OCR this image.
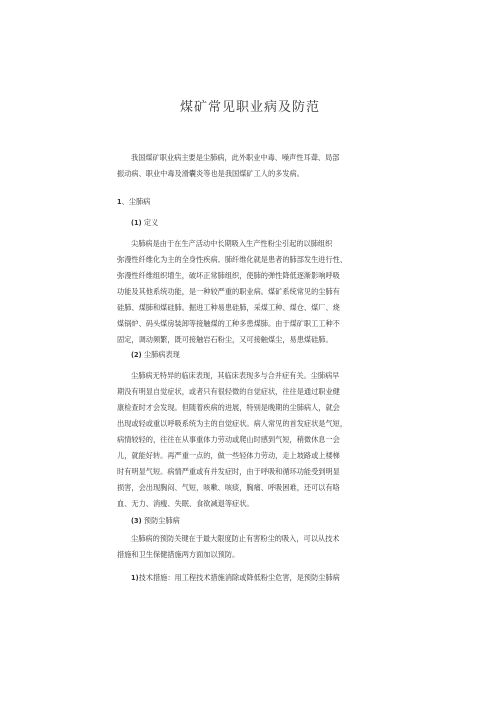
煤矿常见职业病及防范
我国煤矿职业病主要是尘肺病，此外职业中毒、噪声性耳聋、局部
振动病、职业中毒及滑囊炎等也是我国煤矿工人的多发病。
1、尘肺病
(1) 定义
尖肺病是由于在生产活动中长期吸入生产性粉尘引起的以肺组织
弥漫性纤维化为主的全身性疾病。肺纤维化就是患者的肺部发生进行性、
弥漫性纤维组织增生，破坏正常肺组织，使肺的弹性降低逐渐影响呼吸
功能及其他系统功能，是一种较严重的职业病。煤矿系统常见的尘肺有
硅肺、煤肺和煤硅肺。掘进工种易患硅肺，采煤工种、煤仓、煤厂、烧
煤锅炉、码头煤房装卸等接触煤的工种多患煤肺。由于煤矿职工工种不
固定，调动频繁，既可接触岩石粉尘，又可接触煤尘，易患煤硅肺。
(2) 尘肺病表现
尘肺病无特异的临床表现，其临床表现多与合并症有关。尘肺病早
期没有明显自觉症状，或者只有很轻微的自觉症状，往往是通过职业健
康检查时才会发现。但随着疾病的进展，特别是晚期的尘肺病人，就会
出现或轻或重以呼吸系统为主的自觉症状。病人常见的首发症状是气短，
病情较轻的，往往在从事重体力劳动或爬山时感到气短，稍微休息一会
儿，就能好转。再严重一点的，做一些轻体力劳动，走上坡路或上楼梯
时有明显气短。病情严重或有并发症时，由于呼吸和循环功能受到明显
损害，会出现胸闷、气短，咳嗽、咳痰，胸痛、呼吸困难，还可以有咯
血、无力、消瘦、失眠、食欲减退等症状。
(3) 预防尘肺病
尘肺病的预防关键在于最大限度防止有害粉尘的吸入，可以从技术
措施和卫生保健措施两方面加以预防。
1)技术措施：用工程技术措施消除或降低粉尘危害，是预防尘肺病
